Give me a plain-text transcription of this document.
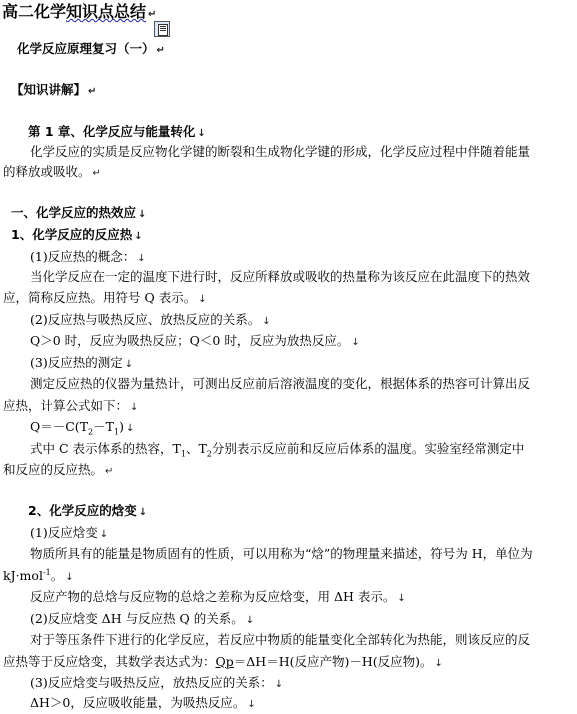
高二化学知识点总结 ↵
化学反应原理复习（一） ↵
【知识讲解】 ↵
第 1 章、化学反应与能量转化 ↓
化学反应的实质是反应物化学键的断裂和生成物化学键的形成，化学反应过程中伴随着能量
的释放或吸收。 ↵
一、化学反应的热效应 ↓
1、化学反应的反应热 ↓
(1)反应热的概念： ↓
当化学反应在一定的温度下进行时，反应所释放或吸收的热量称为该反应在此温度下的热效
应，简称反应热。用符号 Q 表示。 ↓
(2)反应热与吸热反应、放热反应的关系。 ↓
Q＞0 时，反应为吸热反应；Q＜0 时，反应为放热反应。 ↓
(3)反应热的测定 ↓
测定反应热的仪器为量热计，可测出反应前后溶液温度的变化，根据体系的热容可计算出反
应热，计算公式如下： ↓
$Q=-C(T_2-T_1)$ ↓
式中 C 表示体系的热容，$T_1$、$T_2$分别表示反应前和反应后体系的温度。实验室经常测定中
和反应的反应热。 ↵
2、化学反应的焓变 ↓
(1)反应焓变 ↓
物质所具有的能量是物质固有的性质，可以用称为“焓”的物理量来描述，符号为 H，单位为
kJ·mol$^{-1}$。 ↓
反应产物的总焓与反应物的总焓之差称为反应焓变，用 ΔH 表示。 ↓
(2)反应焓变 ΔH 与反应热 Q 的关系。 ↓
对于等压条件下进行的化学反应，若反应中物质的能量变化全部转化为热能，则该反应的反
应热等于反应焓变，其数学表达式为：Qp＝ΔH＝H(反应产物)－H(反应物)。 ↓
(3)反应焓变与吸热反应，放热反应的关系： ↓
ΔH＞0，反应吸收能量，为吸热反应。 ↓
